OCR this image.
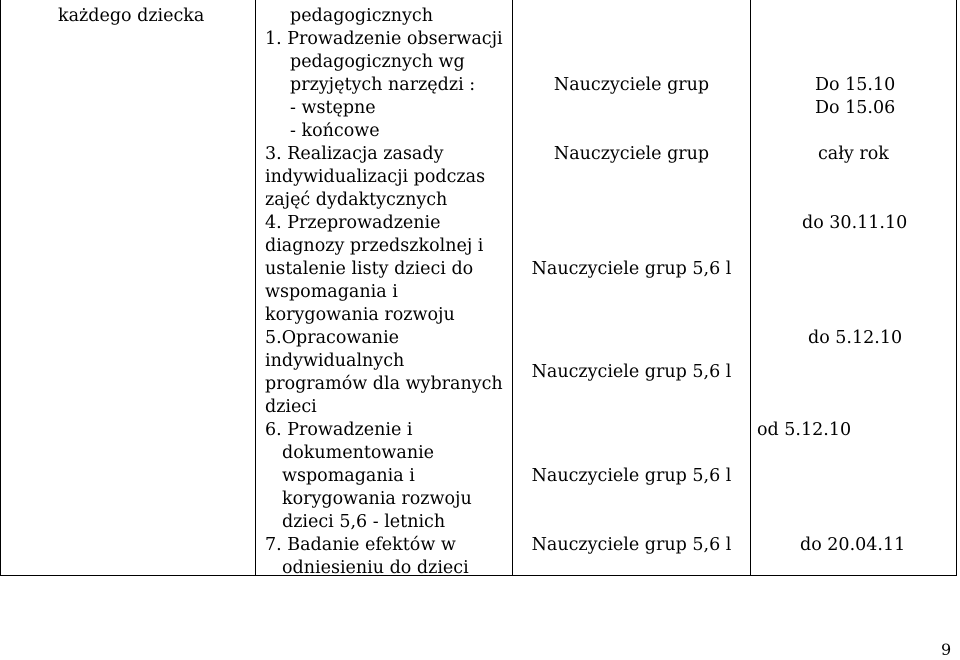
każdego dziecka	pedagogicznych
1. Prowadzenie obserwacji
pedagogicznych wg
przyjętych narzędzi :
- wstępne
- końcowe
3. Realizacja zasady
indywidualizacji podczas
zajęć dydaktycznych
4. Przeprowadzenie
diagnozy przedszkolnej i
ustalenie listy dzieci do
wspomagania i
korygowania rozwoju
5.Opracowanie
indywidualnych
programów dla wybranych
dzieci
6. Prowadzenie i
dokumentowanie
wspomagania i
korygowania rozwoju
dzieci 5,6 - letnich
7. Badanie efektów w
odniesieniu do dzieci
Nauczyciele grup
Nauczyciele grup
Nauczyciele grup 5,6 l
Nauczyciele grup 5,6 l
Nauczyciele grup 5,6 l
Nauczyciele grup 5,6 l
Do 15.10
Do 15.06
cały rok
do 30.11.10
do 5.12.10
od 5.12.10
do 20.04.11
9
